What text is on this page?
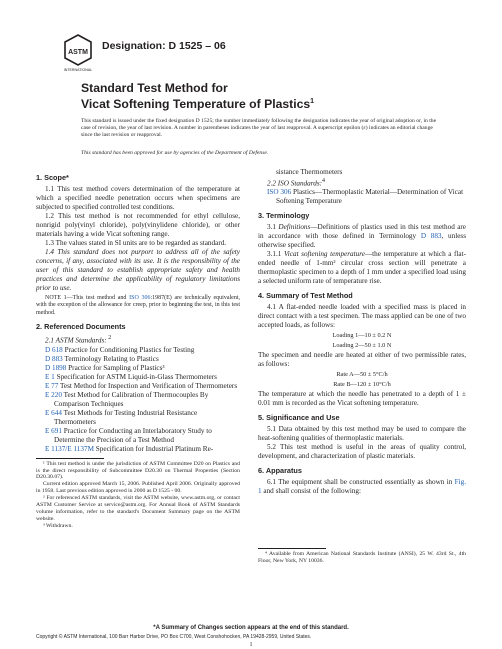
ASTM
INTERNATIONAL
Designation: D 1525 – 06
Standard Test Method for
Vicat Softening Temperature of Plastics$^1$
This standard is issued under the fixed designation D 1525; the number immediately following the designation indicates the year of original adoption or, in the case of revision, the year of last revision. A number in parentheses indicates the year of last reapproval. A superscript epsilon (ε) indicates an editorial change since the last revision or reapproval.
This standard has been approved for use by agencies of the Department of Defense.
1. Scope*

1.1 This test method covers determination of the temperature at which a specified needle penetration occurs when specimens are subjected to specified controlled test conditions.

1.2 This test method is not recommended for ethyl cellulose, nonrigid poly(vinyl chloride), poly(vinylidene chloride), or other materials having a wide Vicat softening range.

1.3 The values stated in SI units are to be regarded as standard.

1.4 This standard does not purport to address all of the safety concerns, if any, associated with its use. It is the responsibility of the user of this standard to establish appropriate safety and health practices and determine the applicability of regulatory limitations prior to use.

NOTE 1—This test method and ISO 306:1987(E) are technically equivalent, with the exception of the allowance for creep, prior to beginning the test, in this test method.

2. Referenced Documents

2.1 ASTM Standards: $^2$

D 618 Practice for Conditioning Plastics for Testing

D 883 Terminology Relating to Plastics

D 1898 Practice for Sampling of Plastics³

E 1 Specification for ASTM Liquid-in-Glass Thermometers

E 77 Test Method for Inspection and Verification of Thermometers

E 220 Test Method for Calibration of Thermocouples By Comparison Techniques

E 644 Test Methods for Testing Industrial Resistance Thermometers

E 691 Practice for Conducting an Interlaboratory Study to Determine the Precision of a Test Method

E 1137/E 1137M Specification for Industrial Platinum Re-

¹ This test method is under the jurisdiction of ASTM Committee D20 on Plastics and is the direct responsibility of Subcommittee D20.30 on Thermal Properties (Section D20.30.07).

Current edition approved March 15, 2006. Published April 2006. Originally approved in 1958. Last previous edition approved in 2000 as D 1525 - 00.

² For referenced ASTM standards, visit the ASTM website, www.astm.org, or contact ASTM Customer Service at service@astm.org. For Annual Book of ASTM Standards volume information, refer to the standard's Document Summary page on the ASTM website.

³ Withdrawn.

sistance Thermometers

2.2 ISO Standards:$^4$

ISO 306 Plastics—Thermoplastic Material—Determination of Vicat Softening Temperature

3. Terminology

3.1 Definitions—Definitions of plastics used in this test method are in accordance with those defined in Terminology D 883, unless otherwise specified.

3.1.1 Vicat softening temperature—the temperature at which a flat-ended needle of 1-mm² circular cross section will penetrate a thermoplastic specimen to a depth of 1 mm under a specified load using a selected uniform rate of temperature rise.

4. Summary of Test Method

4.1 A flat-ended needle loaded with a specified mass is placed in direct contact with a test specimen. The mass applied can be one of two accepted loads, as follows:

Loading 1—10 ± 0.2 N

Loading 2—50 ± 1.0 N

The specimen and needle are heated at either of two permissible rates, as follows:

Rate A—50 ± 5°C/h

Rate B—120 ± 10°C/h

The temperature at which the needle has penetrated to a depth of 1 ± 0.01 mm is recorded as the Vicat softening temperature.

5. Significance and Use

5.1 Data obtained by this test method may be used to compare the heat-softening qualities of thermoplastic materials.

5.2 This test method is useful in the areas of quality control, development, and characterization of plastic materials.

6. Apparatus

6.1 The equipment shall be constructed essentially as shown in Fig. 1 and shall consist of the following:

⁴ Available from American National Standards Institute (ANSI), 25 W. 43rd St., 4th Floor, New York, NY 10036.

*A Summary of Changes section appears at the end of this standard.
Copyright © ASTM International, 100 Barr Harbor Drive, PO Box C700, West Conshohocken, PA 19428-2959, United States.
1
